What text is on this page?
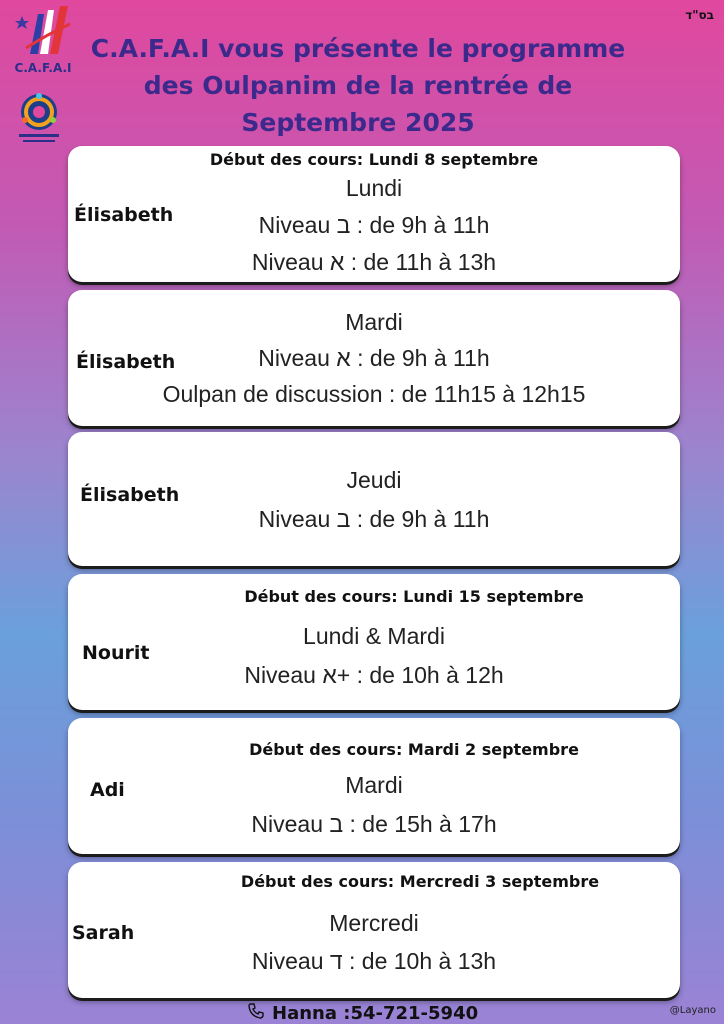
בס"ד
C.A.F.A.I
C.A.F.A.I vous présente le programme
des Oulpanim de la rentrée de
Septembre 2025
Début des cours: Lundi 8 septembre
Élisabeth
Lundi
Niveau ב : de 9h à 11h
Niveau א : de 11h à 13h
Élisabeth
Mardi
Niveau א : de 9h à 11h
Oulpan de discussion : de 11h15 à 12h15
Élisabeth
Jeudi
Niveau ב : de 9h à 11h
Début des cours: Lundi 15 septembre
Nourit
Lundi & Mardi
Niveau א+ : de 10h à 12h
Début des cours: Mardi 2 septembre
Adi	Mardi
Niveau ב : de 15h à 17h
Début des cours: Mercredi 3 septembre
Sarah	Mercredi
Niveau ד : de 10h à 13h
Hanna :54-721-5940	@Layano
